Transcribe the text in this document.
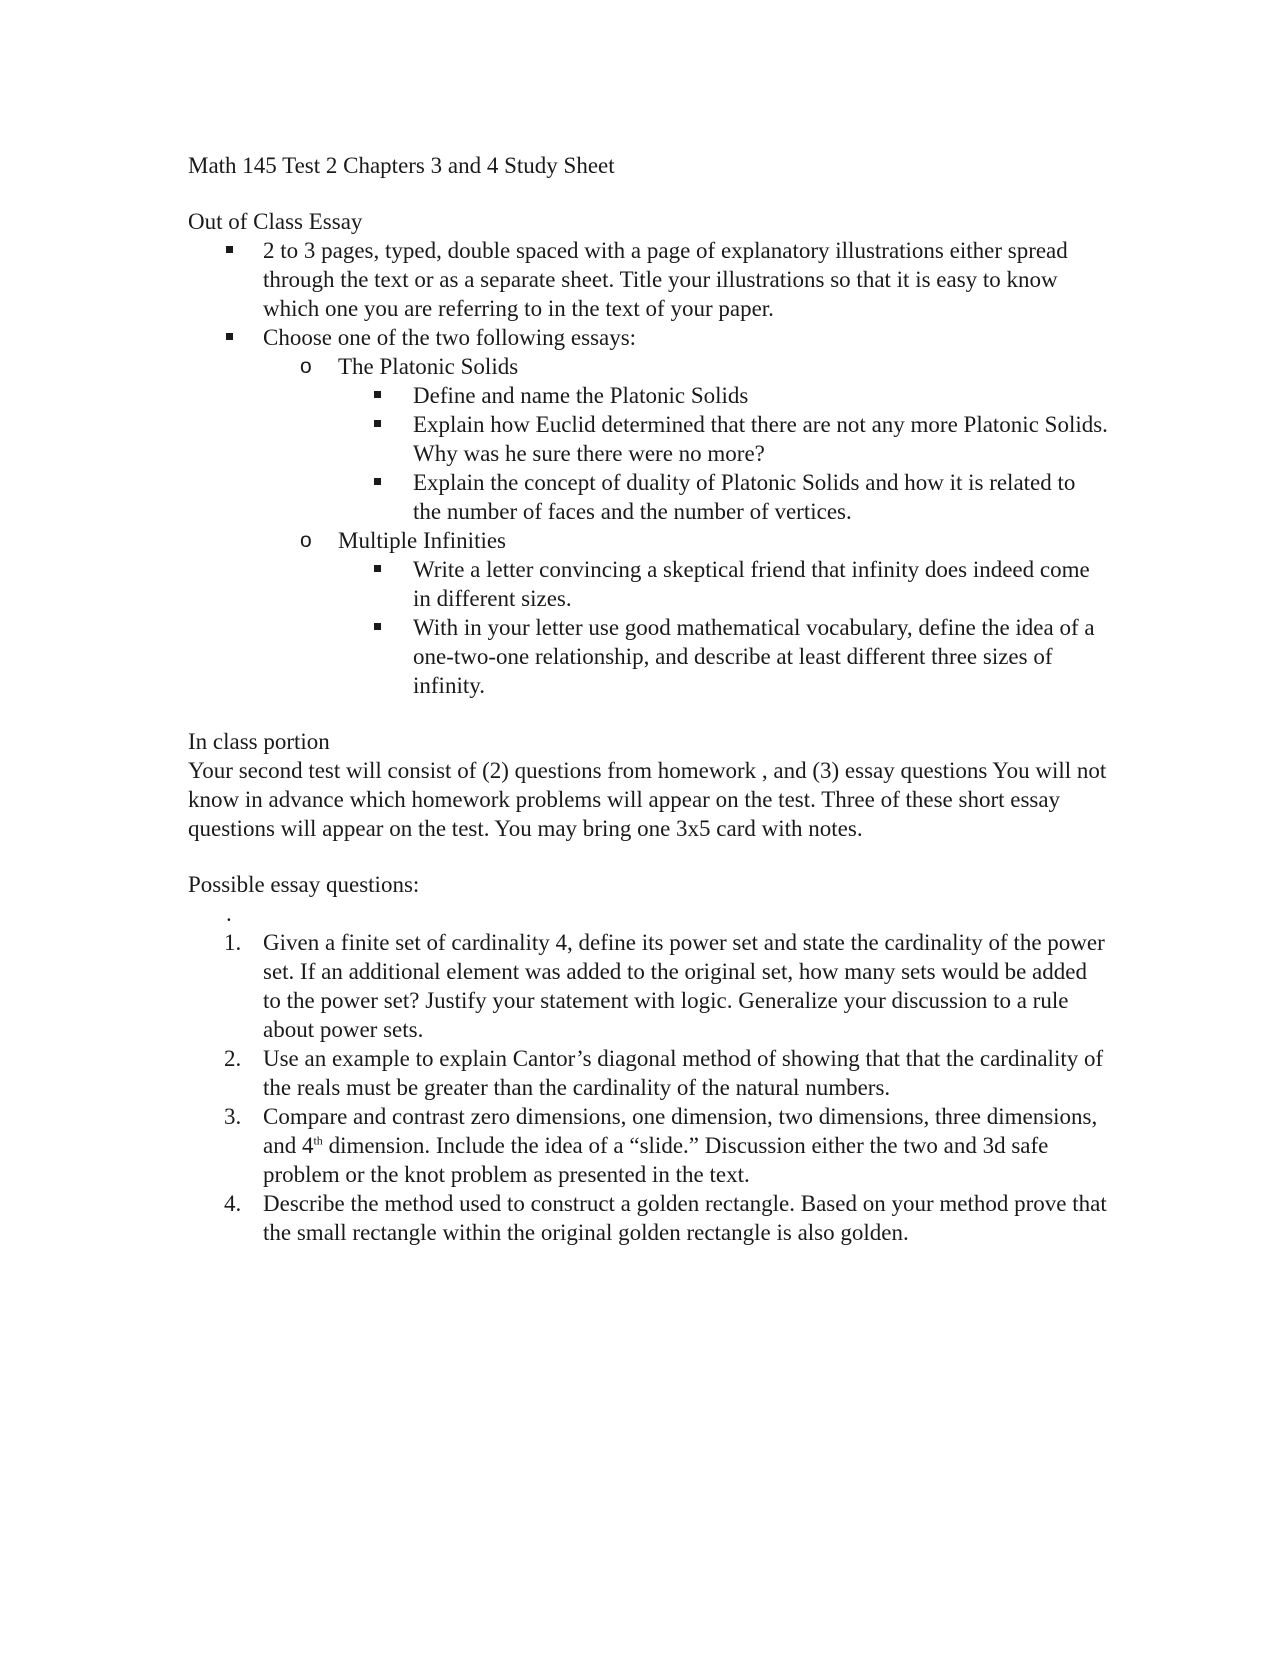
Math 145 Test 2 Chapters 3 and 4 Study Sheet

Out of Class Essay

2 to 3 pages, typed, double spaced with a page of explanatory illustrations either spread through the text or as a separate sheet. Title your illustrations so that it is easy to know which one you are referring to in the text of your paper.
Choose one of the two following essays:
o The Platonic Solids
Define and name the Platonic Solids
Explain how Euclid determined that there are not any more Platonic Solids. Why was he sure there were no more?
Explain the concept of duality of Platonic Solids and how it is related to the number of faces and the number of vertices.
o Multiple Infinities
Write a letter convincing a skeptical friend that infinity does indeed come in different sizes.
With in your letter use good mathematical vocabulary, define the idea of a one-two-one relationship, and describe at least different three sizes of infinity.

In class portion

Your second test will consist of (2) questions from homework , and (3) essay questions You will not know in advance which homework problems will appear on the test. Three of these short essay questions will appear on the test. You may bring one 3x5 card with notes.

Possible essay questions:

.

1. Given a finite set of cardinality 4, define its power set and state the cardinality of the power set. If an additional element was added to the original set, how many sets would be added to the power set? Justify your statement with logic. Generalize your discussion to a rule about power sets.
2. Use an example to explain Cantor’s diagonal method of showing that that the cardinality of the reals must be greater than the cardinality of the natural numbers.
3. Compare and contrast zero dimensions, one dimension, two dimensions, three dimensions, and 4th dimension. Include the idea of a “slide.” Discussion either the two and 3d safe problem or the knot problem as presented in the text.
4. Describe the method used to construct a golden rectangle. Based on your method prove that the small rectangle within the original golden rectangle is also golden.
